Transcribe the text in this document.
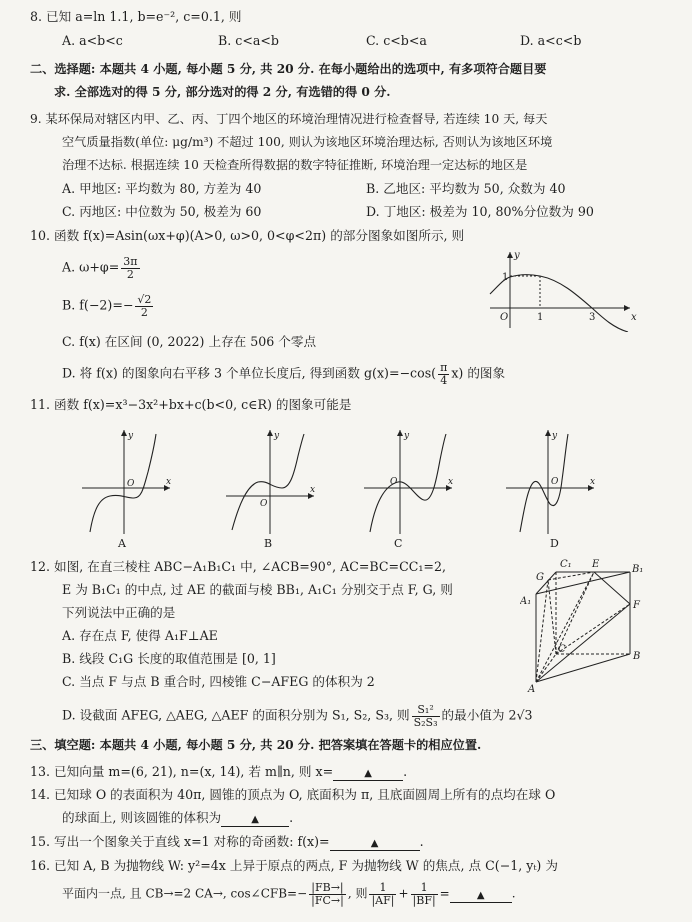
8. 已知 a=ln 1.1, b=e⁻², c=0.1, 则
A. a<b<c	B. c<a<b	C. c<b<a	D. a<c<b
二、选择题: 本题共 4 小题, 每小题 5 分, 共 20 分. 在每小题给出的选项中, 有多项符合题目要
求. 全部选对的得 5 分, 部分选对的得 2 分, 有选错的得 0 分.
9. 某环保局对辖区内甲、乙、丙、丁四个地区的环境治理情况进行检查督导, 若连续 10 天, 每天
空气质量指数(单位: μg/m³) 不超过 100, 则认为该地区环境治理达标, 否则认为该地区环境
治理不达标. 根据连续 10 天检查所得数据的数字特征推断, 环境治理一定达标的地区是
A. 甲地区: 平均数为 80, 方差为 40	B. 乙地区: 平均数为 50, 众数为 40
C. 丙地区: 中位数为 50, 极差为 60	D. 丁地区: 极差为 10, 80%分位数为 90
10. 函数 f(x)=Asin(ωx+φ)(A>0, ω>0, 0<φ<2π) 的部分图象如图所示, 则
A. $\omega+\varphi= \frac{3\pi}{2}$
B. $f(-2)=- \frac{√2}{2}$
C. f(x) 在区间 (0, 2022) 上存在 506 个零点
D. 将 f(x) 的图象向右平移 3 个单位长度后, 得到函数 $g(x)=-\cos( \frac{\pi}{4} x)$ 的图象
y
x
O	1	3
1
11. 函数 f(x)=x³−3x²+bx+c(b<0, c∈R) 的图象可能是
y
x
O
A
y
x
O
B
y
x
O
C
y
x
O
D
12. 如图, 在直三棱柱 ABC−A₁B₁C₁ 中, ∠ACB=90°, AC=BC=CC₁=2,
E 为 B₁C₁ 的中点, 过 AE 的截面与棱 BB₁, A₁C₁ 分别交于点 F, G, 则
下列说法中正确的是
A. 存在点 F, 使得 A₁F⊥AE
B. 线段 C₁G 长度的取值范围是 [0, 1]
C. 当点 F 与点 B 重合时, 四棱锥 C−AFEG 的体积为 2
D. 设截面 AFEG, △AEG, △AEF 的面积分别为 S₁, S₂, S₃, 则 $\frac{\text{S₁²}}{\text{S₂S₃}}$ 的最小值为 2√3
A
B
C
A₁
B₁
C₁ E
F
G
三、填空题: 本题共 4 小题, 每小题 5 分, 共 20 分. 把答案填在答题卡的相应位置.
13. 已知向量 m=(6, 21), n=(x, 14), 若 m∥n, 则 x=	▲ .
14. 已知球 O 的表面积为 40π, 圆锥的顶点为 O, 底面积为 π, 且底面圆周上所有的点均在球 O
的球面上, 则该圆锥的体积为	▲ .
15. 写出一个图象关于直线 x=1 对称的奇函数: f(x)=	▲	.
16. 已知 A, B 为抛物线 W: y²=4x 上异于原点的两点, F 为抛物线 W 的焦点, 点 C(−1, yₜ) 为
平面内一点, 且 CB→=2 CA→, cos∠CFB=− $\frac{|FB\to|}{|FC\to|}$ , 则 $\frac{1}{|AF|} + \frac{1}{|BF|}$ =	▲ .
